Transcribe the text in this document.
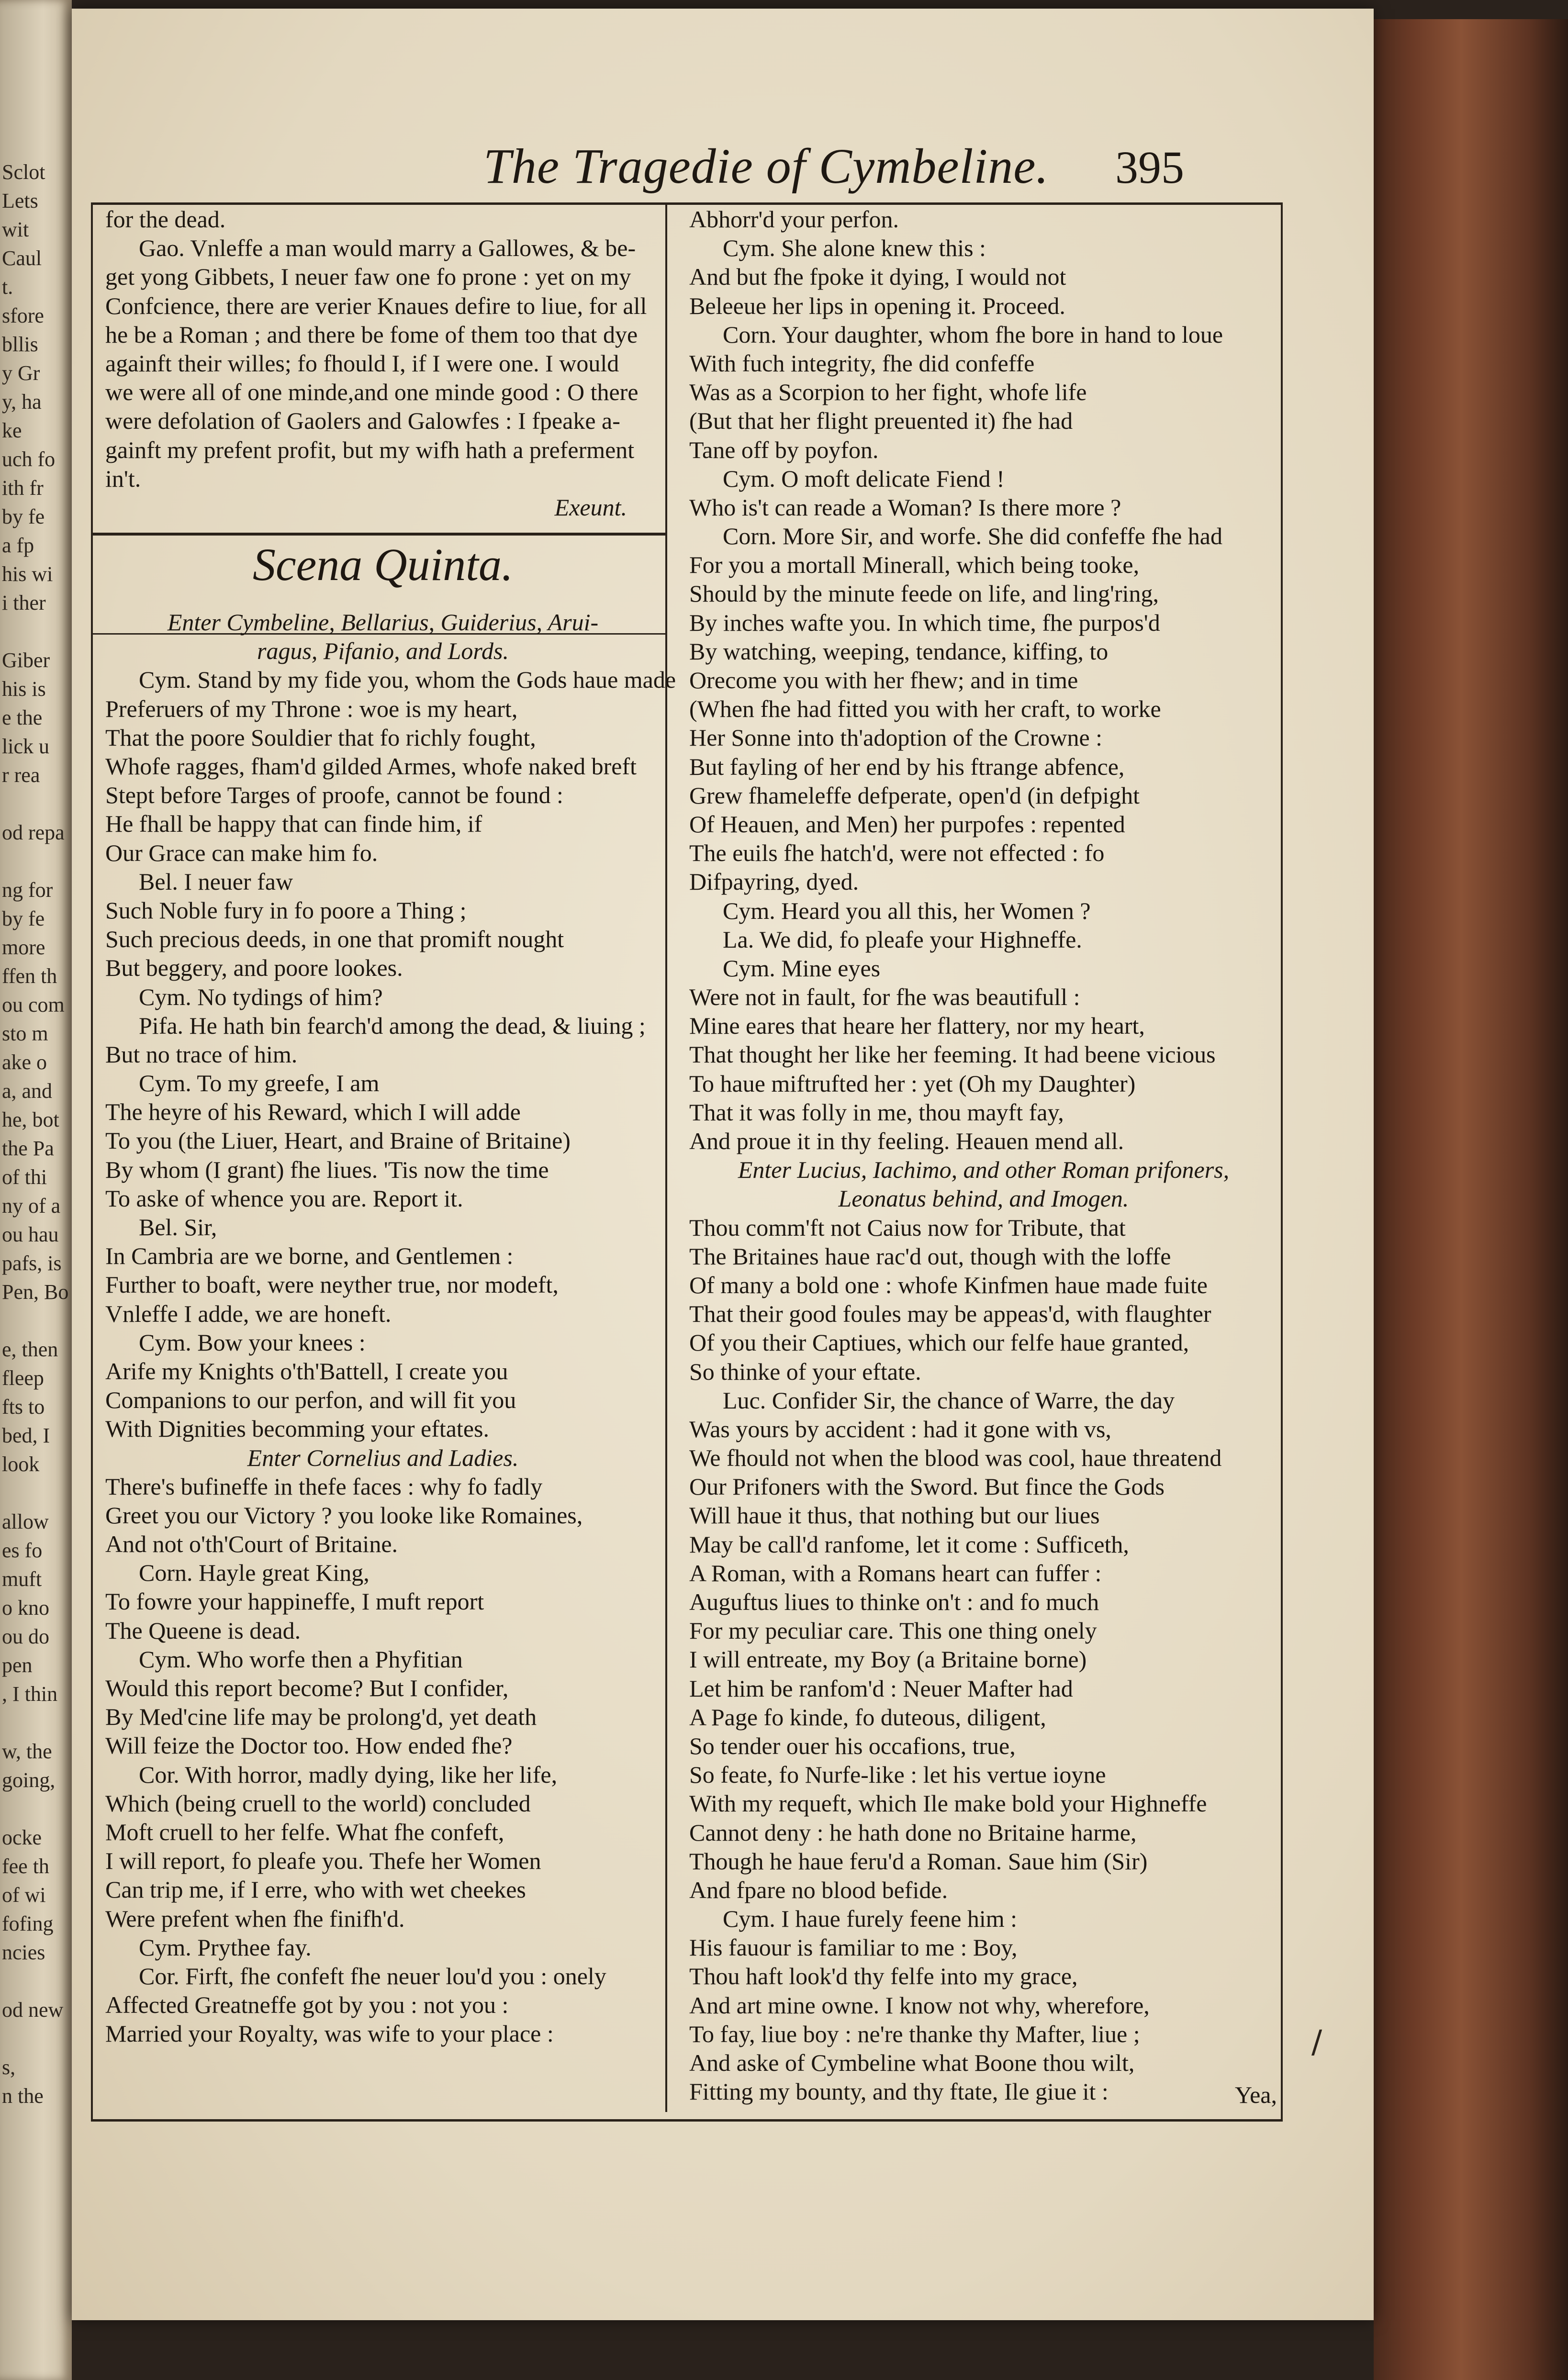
Sclot
Lets
wit
Caul
t.
sfore
bllis
y Gr
y, ha
ke
uch fo
ith fr
by fe
a fp
his wi
i ther
Giber
his is
e the
lick u
r rea
od repa
ng for
by fe
more
ffen th
ou com
sto m
ake o
a, and
he, bot
the Pa
of thi
ny of a
ou hau
pafs, is
Pen, Bo
e, then
fleep
fts to
bed, I
look
allow
es fo
muft
o kno
ou do
pen
, I thin
w, the
going,
ocke
fee th
of wi
fofing
ncies
od new
s,
n the
The Tragedie of Cymbeline. 395
for the dead.
Gao. Vnleffe a man would marry a Gallowes, & be-
get yong Gibbets, I neuer faw one fo prone : yet on my
Confcience, there are verier Knaues defire to liue, for all
he be a Roman ; and there be fome of them too that dye
againft their willes; fo fhould I, if I were one. I would
we were all of one minde,and one minde good : O there
were defolation of Gaolers and Galowfes : I fpeake a-
gainft my prefent profit, but my wifh hath a preferment
in't.
Exeunt.
Scena Quinta.
Enter Cymbeline, Bellarius, Guiderius, Arui-
ragus, Pifanio, and Lords.
Cym. Stand by my fide you, whom the Gods haue made
Preferuers of my Throne : woe is my heart,
That the poore Souldier that fo richly fought,
Whofe ragges, fham'd gilded Armes, whofe naked breft
Stept before Targes of proofe, cannot be found :
He fhall be happy that can finde him, if
Our Grace can make him fo.
Bel. I neuer faw
Such Noble fury in fo poore a Thing ;
Such precious deeds, in one that promift nought
But beggery, and poore lookes.
Cym. No tydings of him?
Pifa. He hath bin fearch'd among the dead, & liuing ;
But no trace of him.
Cym. To my greefe, I am
The heyre of his Reward, which I will adde
To you (the Liuer, Heart, and Braine of Britaine)
By whom (I grant) fhe liues. 'Tis now the time
To aske of whence you are. Report it.
Bel. Sir,
In Cambria are we borne, and Gentlemen :
Further to boaft, were neyther true, nor modeft,
Vnleffe I adde, we are honeft.
Cym. Bow your knees :
Arife my Knights o'th'Battell, I create you
Companions to our perfon, and will fit you
With Dignities becomming your eftates.
Enter Cornelius and Ladies.
There's bufineffe in thefe faces : why fo fadly
Greet you our Victory ? you looke like Romaines,
And not o'th'Court of Britaine.
Corn. Hayle great King,
To fowre your happineffe, I muft report
The Queene is dead.
Cym. Who worfe then a Phyfitian
Would this report become? But I confider,
By Med'cine life may be prolong'd, yet death
Will feize the Doctor too. How ended fhe?
Cor. With horror, madly dying, like her life,
Which (being cruell to the world) concluded
Moft cruell to her felfe. What fhe confeft,
I will report, fo pleafe you. Thefe her Women
Can trip me, if I erre, who with wet cheekes
Were prefent when fhe finifh'd.
Cym. Prythee fay.
Cor. Firft, fhe confeft fhe neuer lou'd you : onely
Affected Greatneffe got by you : not you :
Married your Royalty, was wife to your place :
Abhorr'd your perfon.
Cym. She alone knew this :
And but fhe fpoke it dying, I would not
Beleeue her lips in opening it. Proceed.
Corn. Your daughter, whom fhe bore in hand to loue
With fuch integrity, fhe did confeffe
Was as a Scorpion to her fight, whofe life
(But that her flight preuented it) fhe had
Tane off by poyfon.
Cym. O moft delicate Fiend !
Who is't can reade a Woman? Is there more ?
Corn. More Sir, and worfe. She did confeffe fhe had
For you a mortall Minerall, which being tooke,
Should by the minute feede on life, and ling'ring,
By inches wafte you. In which time, fhe purpos'd
By watching, weeping, tendance, kiffing, to
Orecome you with her fhew; and in time
(When fhe had fitted you with her craft, to worke
Her Sonne into th'adoption of the Crowne :
But fayling of her end by his ftrange abfence,
Grew fhameleffe defperate, open'd (in defpight
Of Heauen, and Men) her purpofes : repented
The euils fhe hatch'd, were not effected : fo
Difpayring, dyed.
Cym. Heard you all this, her Women ?
La. We did, fo pleafe your Highneffe.
Cym. Mine eyes
Were not in fault, for fhe was beautifull :
Mine eares that heare her flattery, nor my heart,
That thought her like her feeming. It had beene vicious
To haue miftrufted her : yet (Oh my Daughter)
That it was folly in me, thou mayft fay,
And proue it in thy feeling. Heauen mend all.
Enter Lucius, Iachimo, and other Roman prifoners,
Leonatus behind, and Imogen.
Thou comm'ft not Caius now for Tribute, that
The Britaines haue rac'd out, though with the loffe
Of many a bold one : whofe Kinfmen haue made fuite
That their good foules may be appeas'd, with flaughter
Of you their Captiues, which our felfe haue granted,
So thinke of your eftate.
Luc. Confider Sir, the chance of Warre, the day
Was yours by accident : had it gone with vs,
We fhould not when the blood was cool, haue threatend
Our Prifoners with the Sword. But fince the Gods
Will haue it thus, that nothing but our liues
May be call'd ranfome, let it come : Sufficeth,
A Roman, with a Romans heart can fuffer :
Auguftus liues to thinke on't : and fo much
For my peculiar care. This one thing onely
I will entreate, my Boy (a Britaine borne)
Let him be ranfom'd : Neuer Mafter had
A Page fo kinde, fo duteous, diligent,
So tender ouer his occafions, true,
So feate, fo Nurfe-like : let his vertue ioyne
With my requeft, which Ile make bold your Highneffe
Cannot deny : he hath done no Britaine harme,
Though he haue feru'd a Roman. Saue him (Sir)
And fpare no blood befide.
Cym. I haue furely feene him :
His fauour is familiar to me : Boy,
Thou haft look'd thy felfe into my grace,
And art mine owne. I know not why, wherefore,
To fay, liue boy : ne're thanke thy Mafter, liue ;
And aske of Cymbeline what Boone thou wilt,
Fitting my bounty, and thy ftate, Ile giue it :	Yea,
/
